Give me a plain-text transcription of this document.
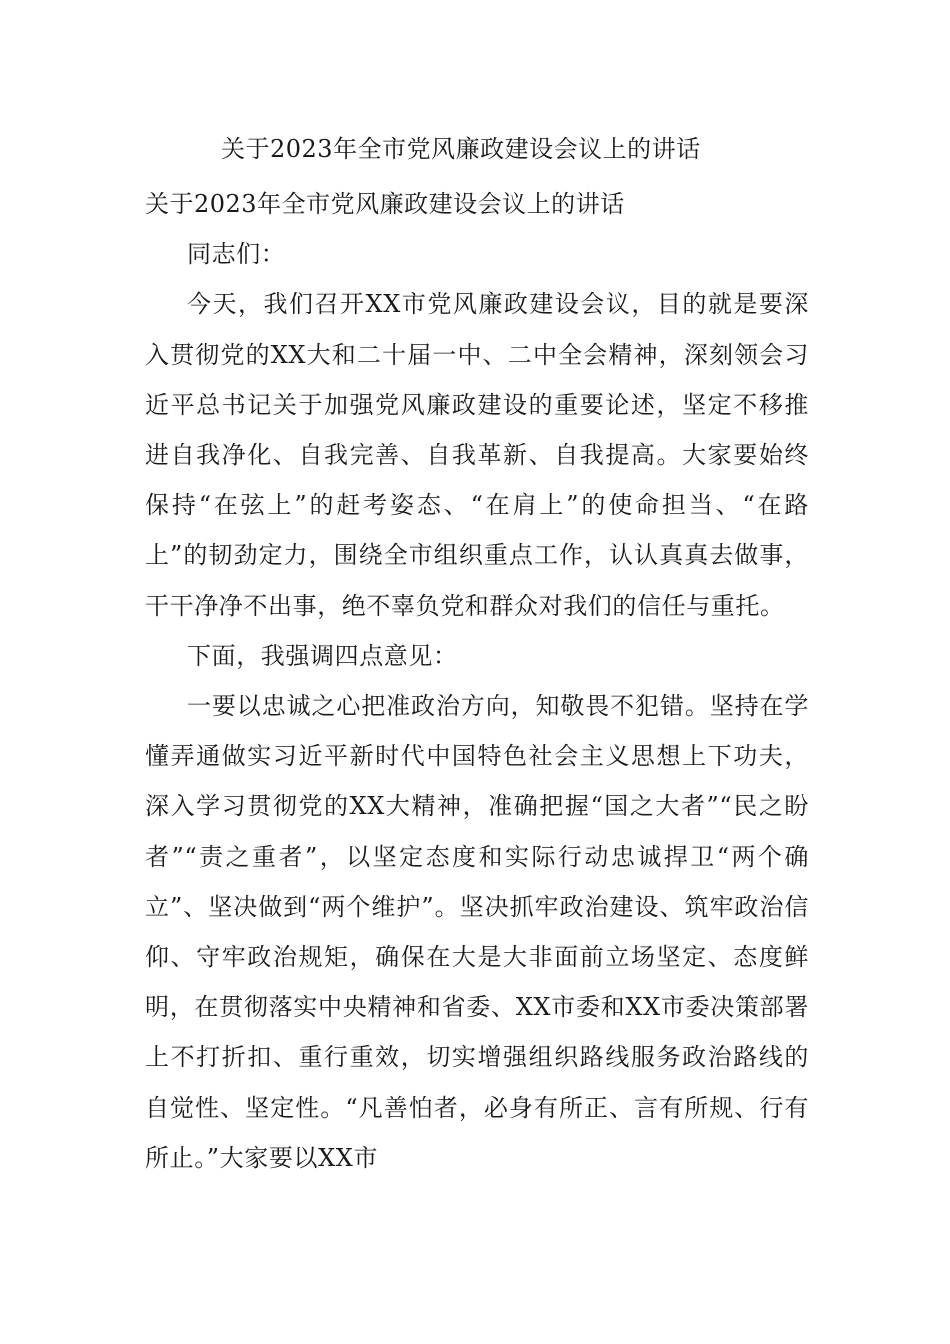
关于2023年全市党风廉政建设会议上的讲话

关于2023年全市党风廉政建设会议上的讲话

同志们：

今天，我们召开XX市党风廉政建设会议，目的就是要深入贯彻党的XX大和二十届一中、二中全会精神，深刻领会习近平总书记关于加强党风廉政建设的重要论述，坚定不移推进自我净化、自我完善、自我革新、自我提高。大家要始终保持“在弦上”的赶考姿态、“在肩上”的使命担当、“在路上”的韧劲定力，围绕全市组织重点工作，认认真真去做事，干干净净不出事，绝不辜负党和群众对我们的信任与重托。

下面，我强调四点意见：

一要以忠诚之心把准政治方向，知敬畏不犯错。坚持在学懂弄通做实习近平新时代中国特色社会主义思想上下功夫，深入学习贯彻党的XX大精神，准确把握“国之大者”“民之盼者”“责之重者”，以坚定态度和实际行动忠诚捍卫“两个确立”、坚决做到“两个维护”。坚决抓牢政治建设、筑牢政治信仰、守牢政治规矩，确保在大是大非面前立场坚定、态度鲜明，在贯彻落实中央精神和省委、XX市委和XX市委决策部署上不打折扣、重行重效，切实增强组织路线服务政治路线的自觉性、坚定性。“凡善怕者，必身有所正、言有所规、行有所止。”大家要以XX市
